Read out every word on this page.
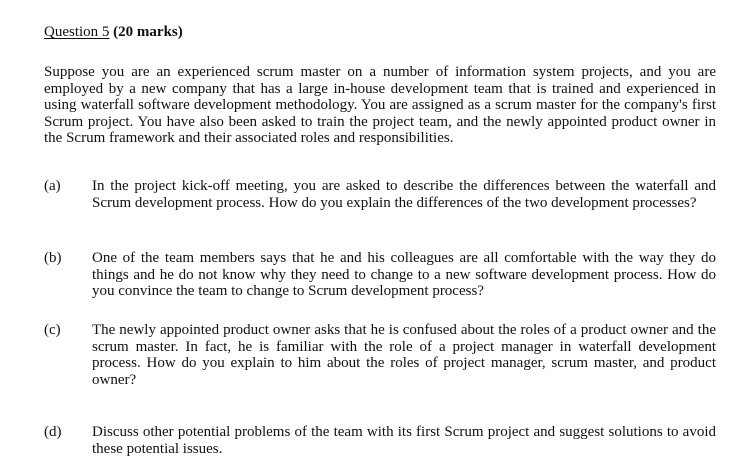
Question 5 (20 marks)
Suppose you are an experienced scrum master on a number of information system projects, and you are employed by a new company that has a large in-house development team that is trained and experienced in using waterfall software development methodology. You are assigned as a scrum master for the company's first Scrum project. You have also been asked to train the project team, and the newly appointed product owner in the Scrum framework and their associated roles and responsibilities.
(a) In the project kick-off meeting, you are asked to describe the differences between the waterfall and Scrum development process. How do you explain the differences of the two development processes?
(b) One of the team members says that he and his colleagues are all comfortable with the way they do things and he do not know why they need to change to a new software development process. How do you convince the team to change to Scrum development process?
(c) The newly appointed product owner asks that he is confused about the roles of a product owner and the scrum master. In fact, he is familiar with the role of a project manager in waterfall development process. How do you explain to him about the roles of project manager, scrum master, and product owner?
(d) Discuss other potential problems of the team with its first Scrum project and suggest solutions to avoid these potential issues.
